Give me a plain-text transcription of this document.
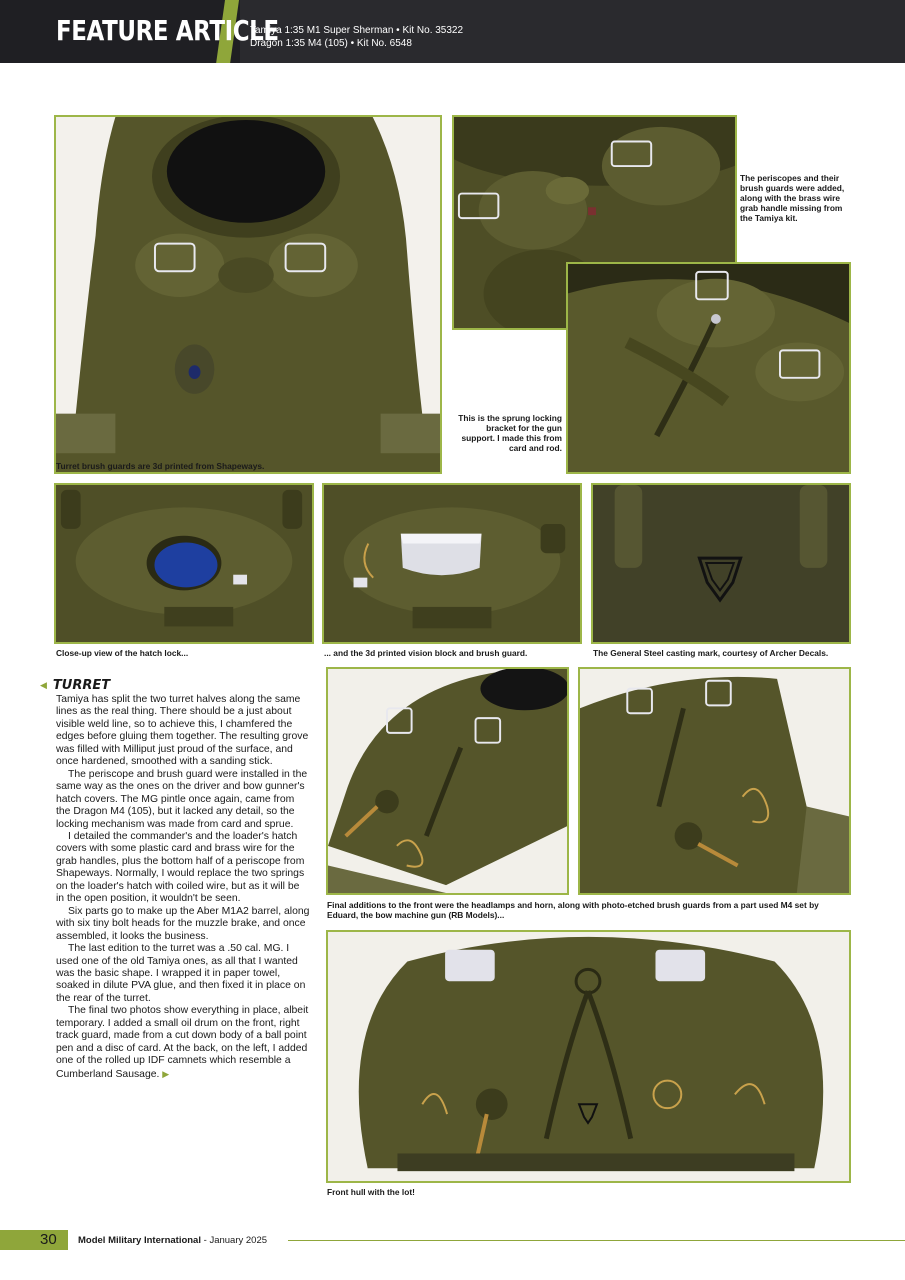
FEATURE ARTICLE
Tamiya 1:35 M1 Super Sherman • Kit No. 35322
Dragon 1:35 M4 (105) • Kit No. 6548
Turret brush guards are 3d printed from Shapeways.
The periscopes and their brush guards were added, along with the brass wire grab handle missing from the Tamiya kit.
This is the sprung locking bracket for the gun support. I made this from card and rod.
Close-up view of the hatch lock...	... and the 3d printed vision block and brush guard.	The General Steel casting mark, courtesy of Archer Decals.
◀ TURRET

Tamiya has split the two turret halves along the same lines as the real thing. There should be a just about visible weld line, so to achieve this, I chamfered the edges before gluing them together. The resulting grove was filled with Milliput just proud of the surface, and once hardened, smoothed with a sanding stick.

The periscope and brush guard were installed in the same way as the ones on the driver and bow gunner's hatch covers. The MG pintle once again, came from the Dragon M4 (105), but it lacked any detail, so the locking mechanism was made from card and sprue.

I detailed the commander's and the loader's hatch covers with some plastic card and brass wire for the grab handles, plus the bottom half of a periscope from Shapeways. Normally, I would replace the two springs on the loader's hatch with coiled wire, but as it will be in the open position, it wouldn't be seen.

Six parts go to make up the Aber M1A2 barrel, along with six tiny bolt heads for the muzzle brake, and once assembled, it looks the business.

The last edition to the turret was a .50 cal. MG. I used one of the old Tamiya ones, as all that I wanted was the basic shape. I wrapped it in paper towel, soaked in dilute PVA glue, and then fixed it in place on the rear of the turret.

The final two photos show everything in place, albeit temporary. I added a small oil drum on the front, right track guard, made from a cut down body of a ball point pen and a disc of card. At the back, on the left, I added one of the rolled up IDF camnets which resemble a Cumberland Sausage. ▶

Final additions to the front were the headlamps and horn, along with photo-etched brush guards from a part used M4 set by Eduard, the bow machine gun (RB Models)...
Front hull with the lot!
30 Model Military International - January 2025
